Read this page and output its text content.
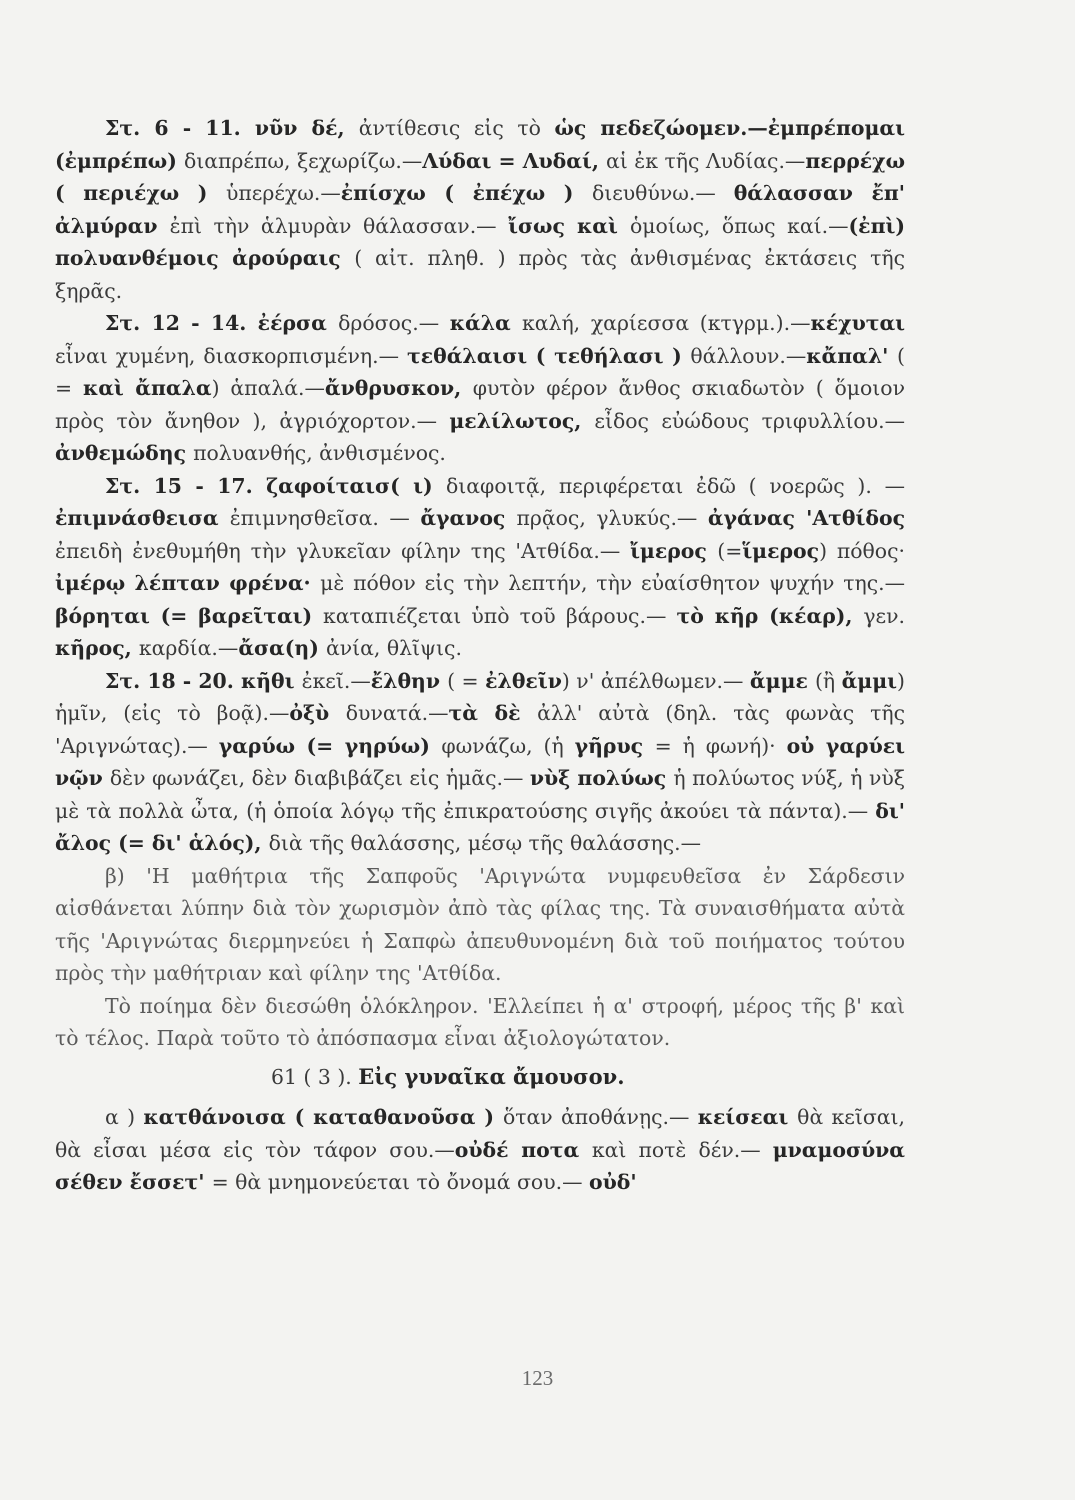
Στ. 6 - 11. νῦν δέ, ἀντίθεσις εἰς τὸ ὡς πεδεζώομεν.—ἐμπρέπομαι (ἐμπρέπω) διαπρέπω, ξεχωρίζω.—Λύδαι = Λυδαί, αἱ ἐκ τῆς Λυδίας.—περρέχω ( περιέχω ) ὑπερέχω.—ἐπίσχω ( ἐπέχω ) διευθύνω.— θάλασσαν ἔπ' ἀλμύραν ἐπὶ τὴν ἁλμυρὰν θάλασσαν.— ἴσως καὶ ὁμοίως, ὅπως καί.—(ἐπὶ) πολυανθέμοις ἀρούραις ( αἰτ. πληθ. ) πρὸς τὰς ἀνθισμένας ἐκτάσεις τῆς ξηρᾶς.

Στ. 12 - 14. ἐέρσα δρόσος.— κάλα καλή, χαρίεσσα (κτγρμ.).—κέχυται εἶναι χυμένη, διασκορπισμένη.— τεθάλαισι ( τεθήλασι ) θάλλουν.—κἄπαλ' ( = καὶ ἄπαλα) ἁπαλά.—ἄνθρυσκον, φυτὸν φέρον ἄνθος σκιαδωτὸν ( ὅμοιον πρὸς τὸν ἄνηθον ), ἀγριόχορτον.— μελίλωτος, εἶδος εὐώδους τριφυλλίου.— ἀνθεμώδης πολυανθής, ἀνθισμένος.

Στ. 15 - 17. ζαφοίταισ( ι) διαφοιτᾷ, περιφέρεται ἐδῶ ( νοερῶς ). — ἐπιμνάσθεισα ἐπιμνησθεῖσα. — ἄγανος πρᾷος, γλυκύς.— ἀγάνας 'Ατθίδος ἐπειδὴ ἐνεθυμήθη τὴν γλυκεῖαν φίλην της 'Ατθίδα.— ἴμερος (=ἵμερος) πόθος· ἰμέρῳ λέπταν φρένα· μὲ πόθον εἰς τὴν λεπτήν, τὴν εὐαίσθητον ψυχήν της.— βόρηται (= βαρεῖται) καταπιέζεται ὑπὸ τοῦ βάρους.— τὸ κῆρ (κέαρ), γεν. κῆρος, καρδία.—ἄσα(η) ἀνία, θλῖψις.

Στ. 18 - 20. κῆθι ἐκεῖ.—ἔλθην ( = ἐλθεῖν) ν' ἀπέλθωμεν.— ἄμμε (ἢ ἄμμι) ἡμῖν, (εἰς τὸ βοᾷ).—ὀξὺ δυνατά.—τὰ δὲ ἀλλ' αὐτὰ (δηλ. τὰς φωνὰς τῆς 'Αριγνώτας).— γαρύω (= γηρύω) φωνάζω, (ἡ γῆρυς = ἡ φωνή)· οὐ γαρύει νῷν δὲν φωνάζει, δὲν διαβιβάζει εἰς ἡμᾶς.— νὺξ πολύως ἡ πολύωτος νύξ, ἡ νὺξ μὲ τὰ πολλὰ ὦτα, (ἡ ὁποία λόγῳ τῆς ἐπικρατούσης σιγῆς ἀκούει τὰ πάντα).— δι' ἄλος (= δι' ἁλός), διὰ τῆς θαλάσσης, μέσῳ τῆς θαλάσσης.—

β) 'Η μαθήτρια τῆς Σαπφοῦς 'Αριγνώτα νυμφευθεῖσα ἐν Σάρδεσιν αἰσθάνεται λύπην διὰ τὸν χωρισμὸν ἀπὸ τὰς φίλας της. Τὰ συναισθήματα αὐτὰ τῆς 'Αριγνώτας διερμηνεύει ἡ Σαπφὼ ἀπευθυνομένη διὰ τοῦ ποιήματος τούτου πρὸς τὴν μαθήτριαν καὶ φίλην της 'Ατθίδα.

Τὸ ποίημα δὲν διεσώθη ὁλόκληρον. 'Ελλείπει ἡ α' στροφή, μέρος τῆς β' καὶ τὸ τέλος. Παρὰ τοῦτο τὸ ἀπόσπασμα εἶναι ἀξιολογώτατον.

61 ( 3 ). Εἰς γυναῖκα ἄμουσον.

α ) κατθάνοισα ( καταθανοῦσα ) ὅταν ἀποθάνῃς.— κείσεαι θὰ κεῖσαι, θὰ εἶσαι μέσα εἰς τὸν τάφον σου.—οὐδέ ποτα καὶ ποτὲ δέν.— μναμοσύνα σέθεν ἔσσετ' = θὰ μνημονεύεται τὸ ὄνομά σου.— οὐδ'

123
